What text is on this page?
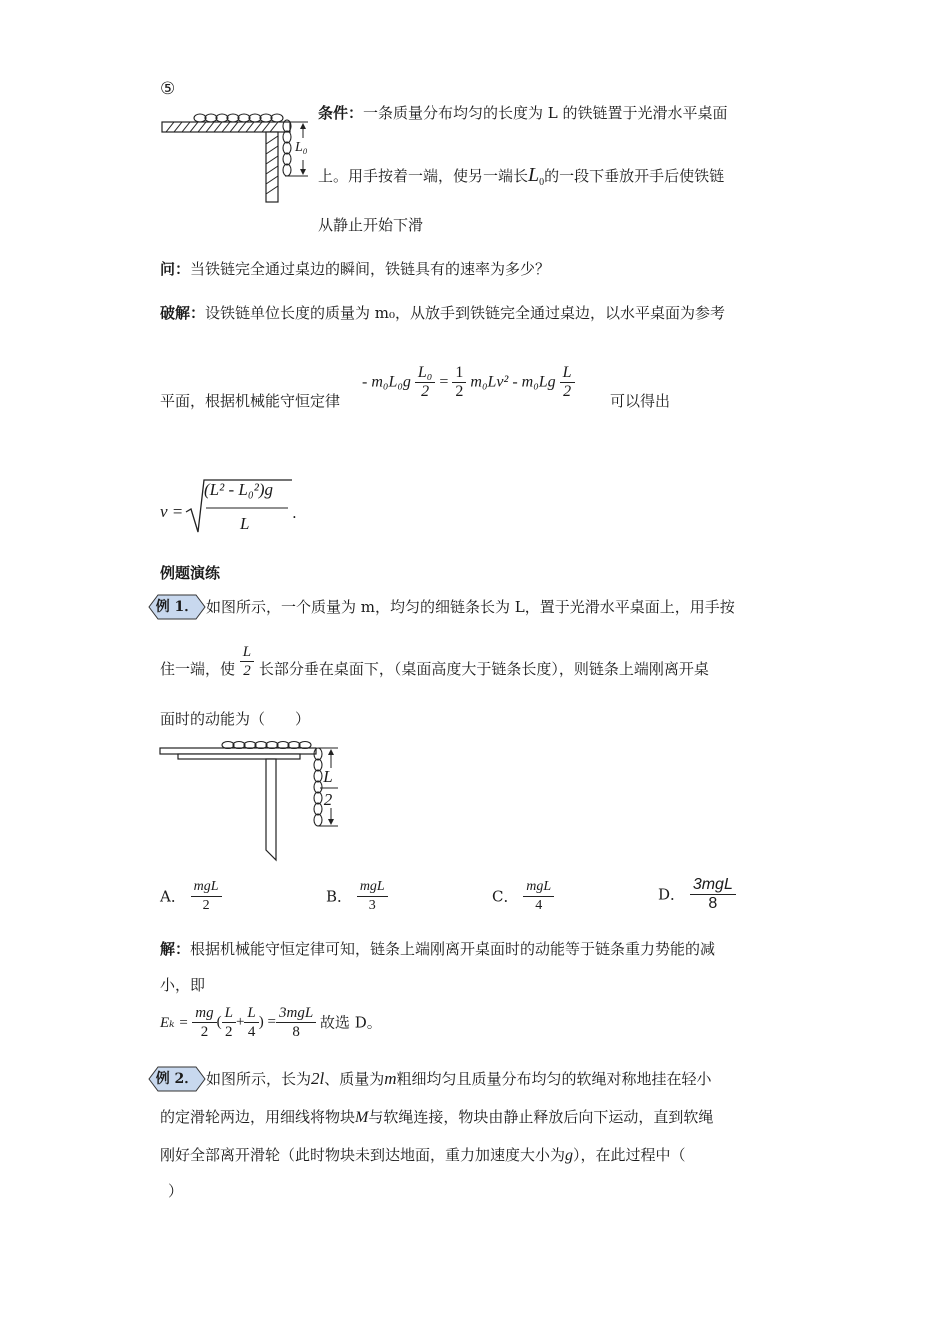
⑤
L₀
条件：一条质量分布均匀的长度为 L 的铁链置于光滑水平桌面
上。用手按着一端，使另一端长$L_0$的一段下垂放开手后使铁链
从静止开始下滑
问：当铁链完全通过桌边的瞬间，铁链具有的速率为多少？
破解：设铁链单位长度的质量为 m₀，从放手到铁链完全通过桌边，以水平桌面为参考
平面，根据机械能守恒定律
- $m_0L_0g \frac{\text{L₀}}{2} = \frac{1}{2} m_0Lv^2 - m_0Lg \frac{L}{2}$ 可以得出
v =
(L² - L₀²)g
L
.
例题演练
例 1． 如图所示，一个质量为 m，均匀的细链条长为 L，置于光滑水平桌面上，用手按
住一端，使 $\frac{L}{2}$ 长部分垂在桌面下，（桌面高度大于链条长度），则链条上端刚离开桌
面时的动能为（　　）
L
2
A． $\frac{\text{mgL}}{2}$	B． $\frac{\text{mgL}}{3}$	C． $\frac{\text{mgL}}{4}$	D． $\frac{\text{3mgL}}{8}$
解：根据机械能守恒定律可知，链条上端刚离开桌面时的动能等于链条重力势能的减
小，即
$E_k = \frac{mg}{2}$ ( $\frac{L}{2} + \frac{L}{4}$ ) = $\frac{\text{3mgL}}{8}$ 故选 D。
例 2． 如图所示，长为2l、质量为m粗细均匀且质量分布均匀的软绳对称地挂在轻小
的定滑轮两边，用细线将物块M与软绳连接，物块由静止释放后向下运动，直到软绳
刚好全部离开滑轮（此时物块未到达地面，重力加速度大小为g），在此过程中（
）
